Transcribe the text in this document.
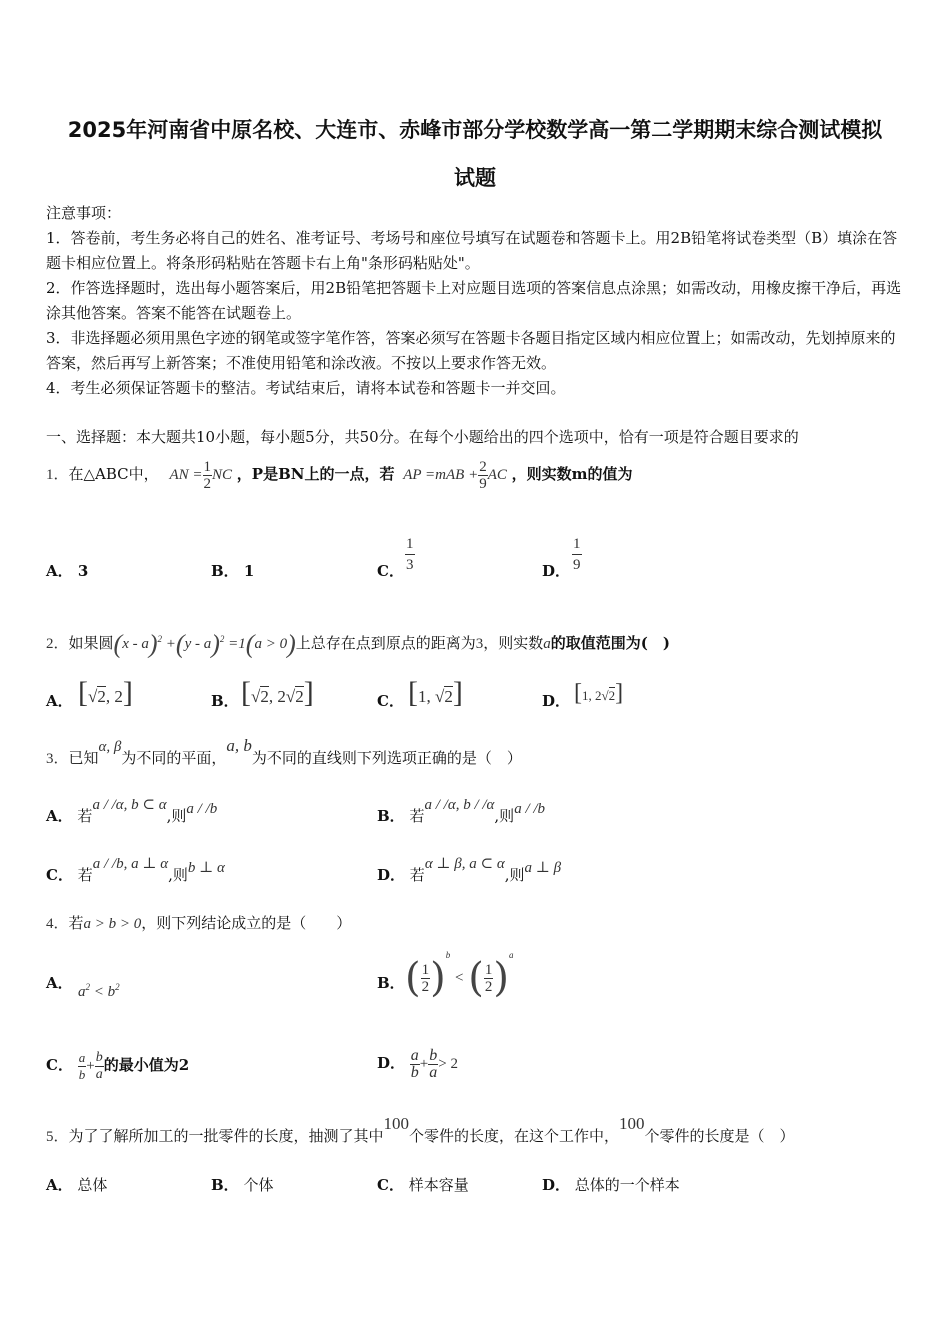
2025年河南省中原名校、大连市、赤峰市部分学校数学高一第二学期期末综合测试模拟
试题
注意事项：
1．答卷前，考生务必将自己的姓名、准考证号、考场号和座位号填写在试题卷和答题卡上。用2B铅笔将试卷类型（B）填涂在答题卡相应位置上。将条形码粘贴在答题卡右上角"条形码粘贴处"。
2．作答选择题时，选出每小题答案后，用2B铅笔把答题卡上对应题目选项的答案信息点涂黑；如需改动，用橡皮擦干净后，再选涂其他答案。答案不能答在试题卷上。
3．非选择题必须用黑色字迹的钢笔或签字笔作答，答案必须写在答题卡各题目指定区域内相应位置上；如需改动，先划掉原来的答案，然后再写上新答案；不准使用铅笔和涂改液。不按以上要求作答无效。
4．考生必须保证答题卡的整洁。考试结束后，请将本试卷和答题卡一并交回。
一、选择题：本大题共10小题，每小题5分，共50分。在每个小题给出的四个选项中，恰有一项是符合题目要求的
1．在△ABC中， AN = $\frac{1}{2}$ NC ，P是BN上的一点，若 AP $=mAB + \frac{2}{9}$ AC ，则实数m的值为
A． 3	B． 1	C． $\frac{1}{3}$	D． $\frac{1}{9}$
2．如果圆(x - a)$^2$ +(y - a)$^2$ =1(a > 0)上总存在点到原点的距离为3，则实数a的取值范围为(　)
A． [√2, 2]	B． [√2, 2√2]	C． [1, √2]	D． [1, 2√2]
3．已知α, β为不同的平面，a, b为不同的直线则下列选项正确的是（　）
A． 若a / /α, b ⊂ α,则a / /b	B． 若a / /α, b / /α,则a / /b
C． 若a / /b, a ⊥ α,则b ⊥ α	D． 若α ⊥ β, a ⊂ α,则a ⊥ β
4．若a > b > 0，则下列结论成立的是（　　）
A． $a^2 < b^2$	B． ( $\frac{1}{2} )^b$ < ( $\frac{1}{2} )^a$
C． $\frac{a}{b} + \frac{b}{a}$ 的最小值为2	D． $\frac{a}{b} + \frac{b}{a} > 2$
5．为了了解所加工的一批零件的长度，抽测了其中100个零件的长度，在这个工作中，100个零件的长度是（　）
A． 总体	B． 个体	C． 样本容量	D． 总体的一个样本
